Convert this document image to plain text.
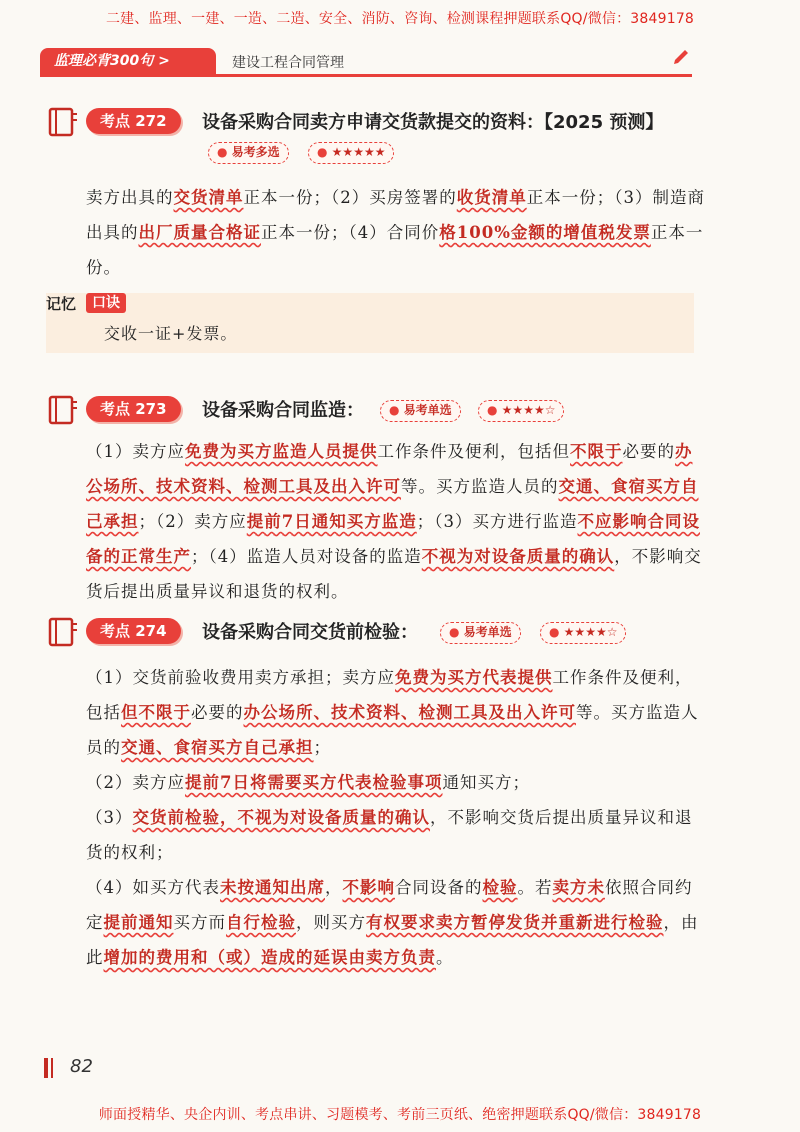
二建、监理、一建、一造、二造、安全、消防、咨询、检测课程押题联系QQ/微信：3849178
监理必背300句 >	建设工程合同管理
考点 272	设备采购合同卖方申请交货款提交的资料：【2025 预测】
● 易考多选	● ★★★★★

卖方出具的交货清单正本一份；（2）买房签署的收货清单正本一份；（3）制造商出具的出厂质量合格证正本一份；（4）合同价格100%金额的增值税发票正本一份。

记忆	口诀
交收一证+发票。
考点 273	设备采购合同监造：	● 易考单选	● ★★★★☆

（1）卖方应免费为买方监造人员提供工作条件及便利，包括但不限于必要的办公场所、技术资料、检测工具及出入许可等。买方监造人员的交通、食宿买方自己承担；（2）卖方应提前7日通知买方监造；（3）买方进行监造不应影响合同设备的正常生产；（4）监造人员对设备的监造不视为对设备质量的确认，不影响交货后提出质量异议和退货的权利。

考点 274	设备采购合同交货前检验：	● 易考单选	● ★★★★☆

（1）交货前验收费用卖方承担；卖方应免费为买方代表提供工作条件及便利，包括但不限于必要的办公场所、技术资料、检测工具及出入许可等。买方监造人员的交通、食宿买方自己承担；

（2）卖方应提前7日将需要买方代表检验事项通知买方；

（3）交货前检验，不视为对设备质量的确认，不影响交货后提出质量异议和退货的权利；

（4）如买方代表未按通知出席，不影响合同设备的检验。若卖方未依照合同约定提前通知买方而自行检验，则买方有权要求卖方暂停发货并重新进行检验，由此增加的费用和（或）造成的延误由卖方负责。

82
师面授精华、央企内训、考点串讲、习题模考、考前三页纸、绝密押题联系QQ/微信：3849178
